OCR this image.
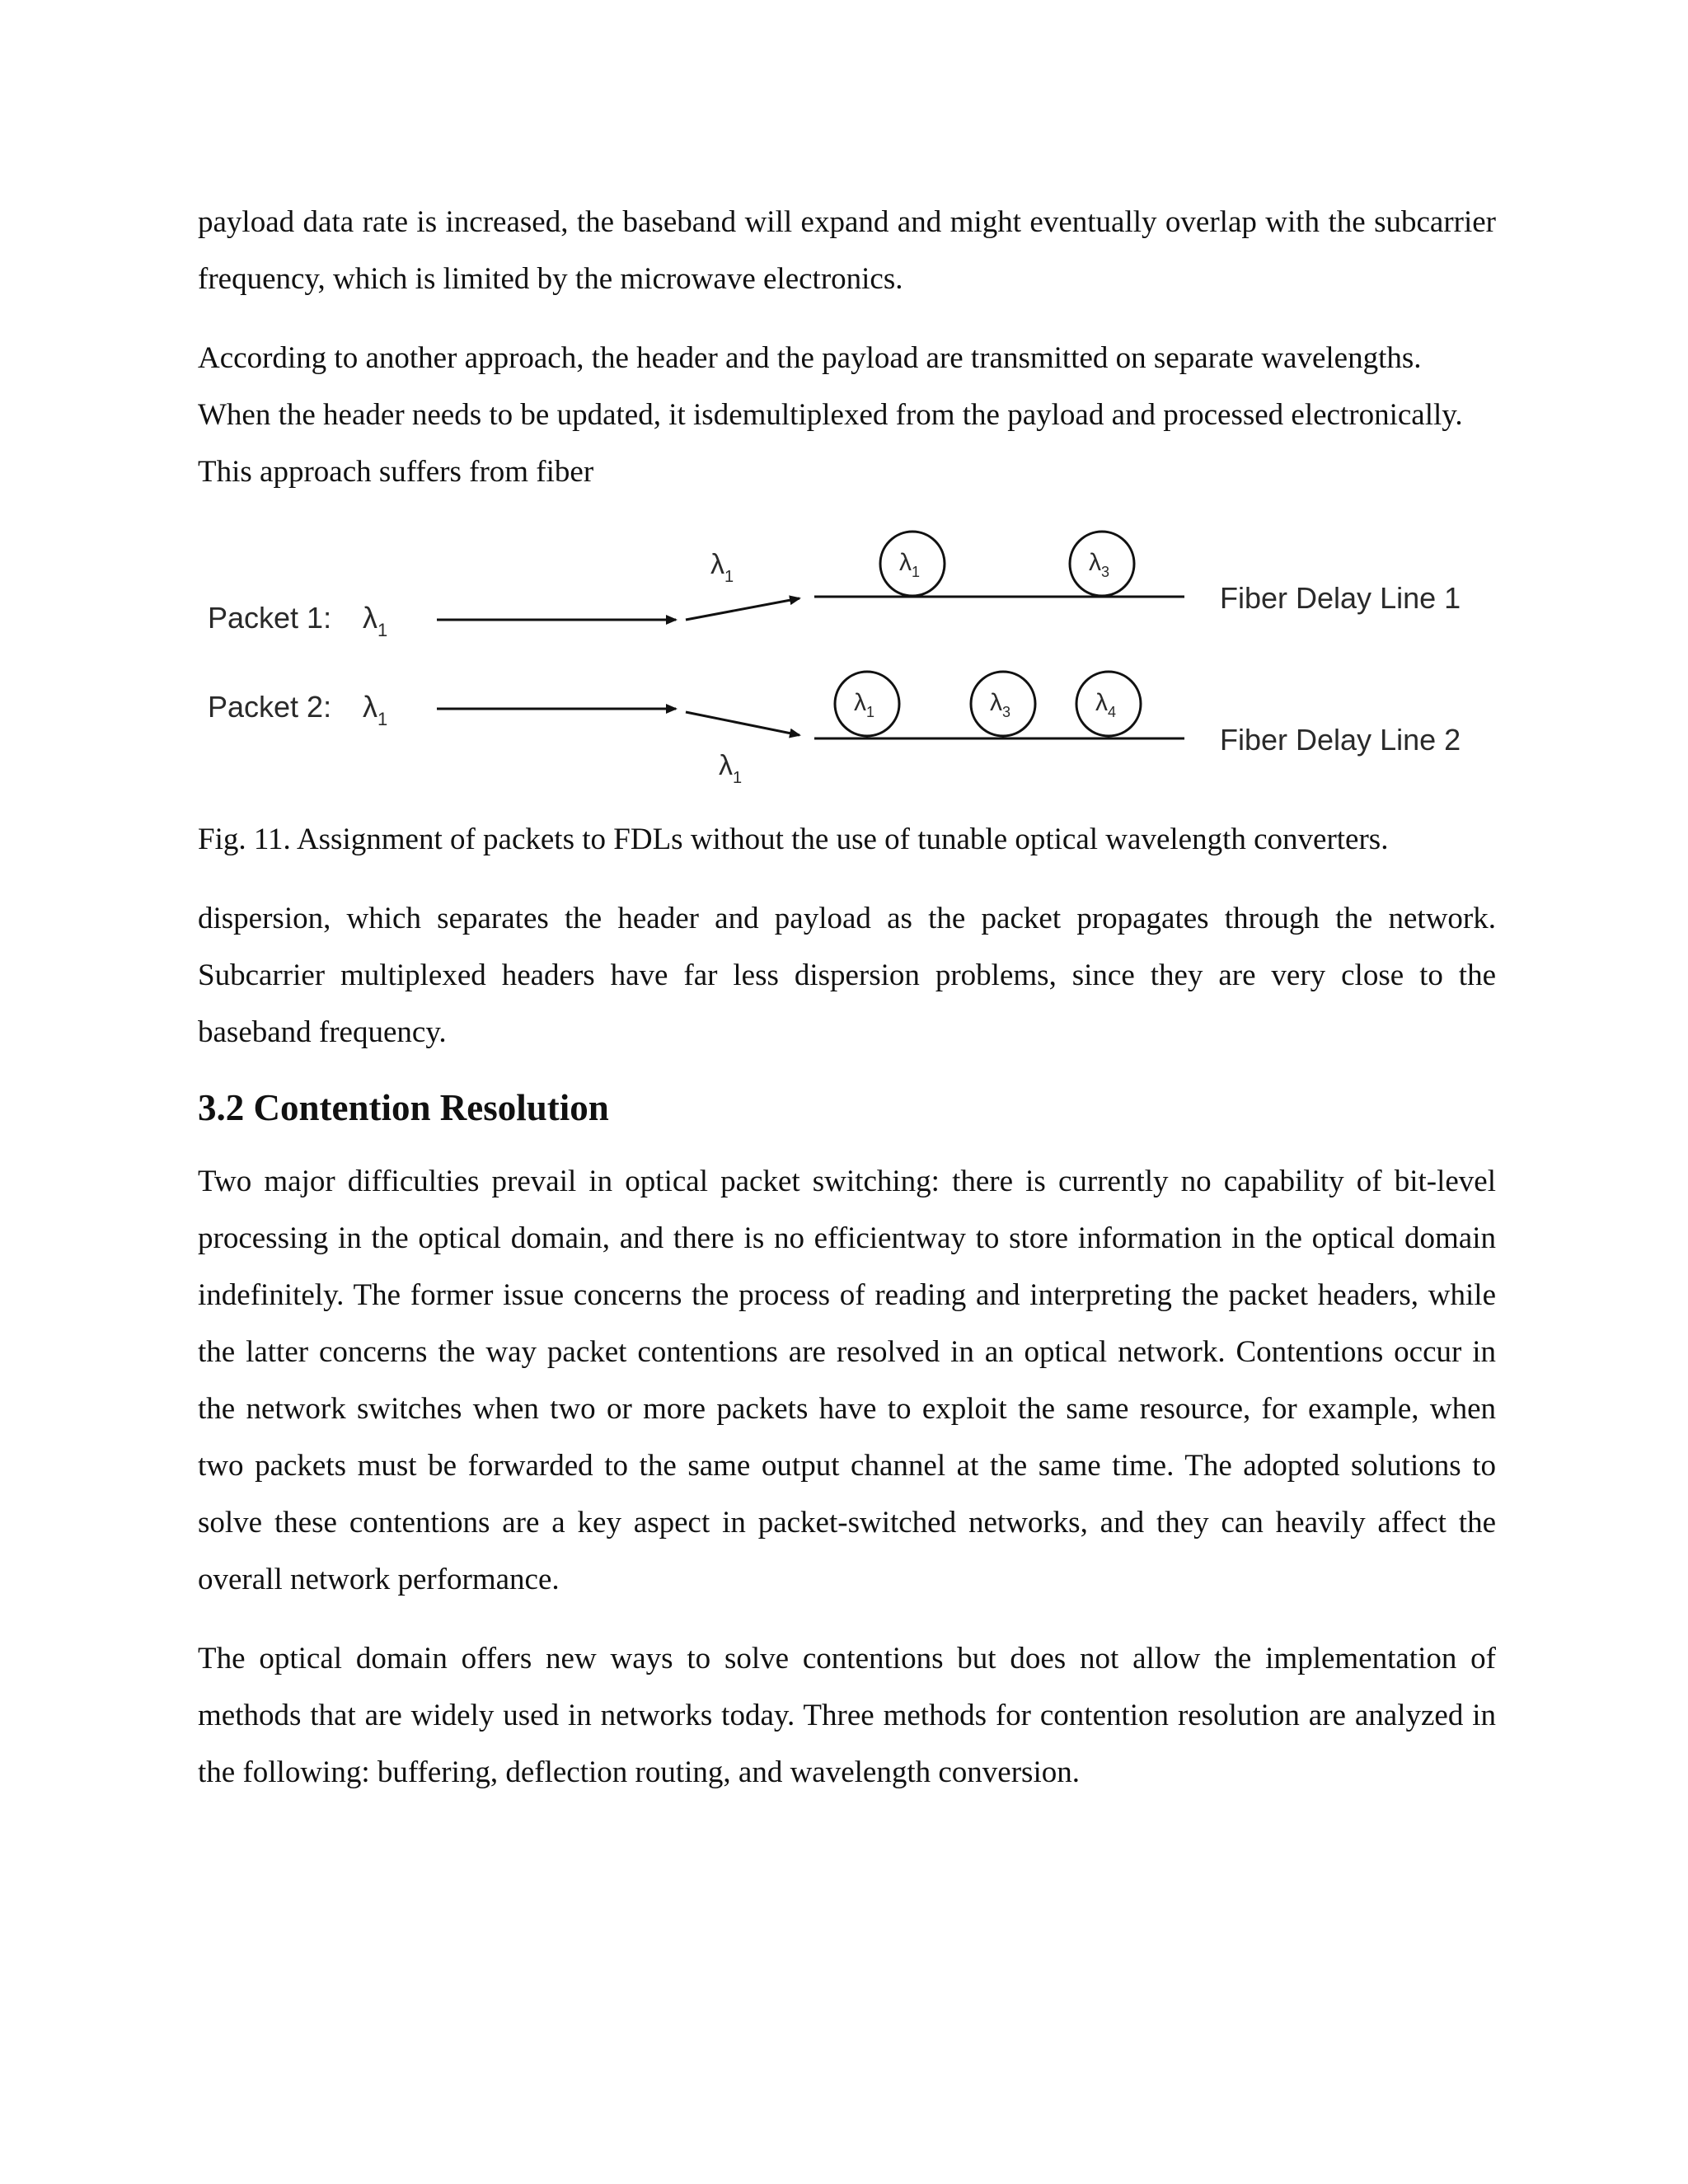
payload data rate is increased, the baseband will expand and might eventually overlap with the subcarrier frequency, which is limited by the microwave electronics.

According to another approach, the header and the payload are transmitted on separate wavelengths. When the header needs to be updated, it isdemultiplexed from the payload and processed electronically. This approach suffers from fiber

Packet 1: $\lambda_1$
$\lambda_1$
$\lambda_1$	$\lambda_3$
Fiber Delay Line 1
Packet 2: $\lambda_1$
$\lambda_1$
$\lambda_1$	$\lambda_3$	$\lambda_4$
Fiber Delay Line 2

Fig. 11. Assignment of packets to FDLs without the use of tunable optical wavelength converters.

dispersion, which separates the header and payload as the packet propagates through the network. Subcarrier multiplexed headers have far less dispersion problems, since they are very close to the baseband frequency.

3.2 Contention Resolution

Two major difficulties prevail in optical packet switching: there is currently no capability of bit-level processing in the optical domain, and there is no efficientway to store information in the optical domain indefinitely. The former issue concerns the process of reading and interpreting the packet headers, while the latter concerns the way packet contentions are resolved in an optical network. Contentions occur in the network switches when two or more packets have to exploit the same resource, for example, when two packets must be forwarded to the same output channel at the same time. The adopted solutions to solve these contentions are a key aspect in packet-switched networks, and they can heavily affect the overall network performance.

The optical domain offers new ways to solve contentions but does not allow the implementation of methods that are widely used in networks today. Three methods for contention resolution are analyzed in the following: buffering, deflection routing, and wavelength conversion.
